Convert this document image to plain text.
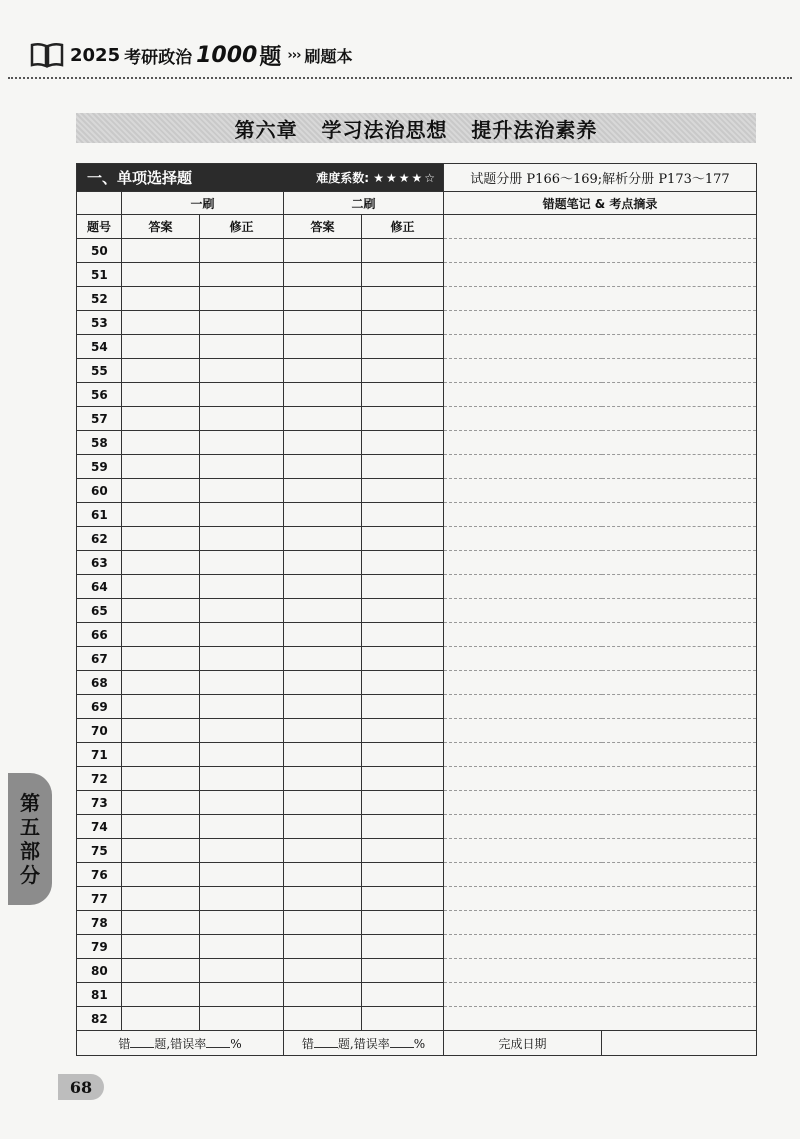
2025 考研政治 1000 题 ››› 刷题本
第六章   学习法治思想   提升法治素养
一、单项选择题			难度系数: ★★★★☆		试题分册 P166～169;解析分册 P173～177	
	一刷		二刷		错题笔记 & 考点摘录	
题号	答案	修正	答案	修正		
50						
51						
52						
53						
54						
55						
56						
57						
58						
59						
60						
61						
62						
63						
64						
65						
66						
67						
68						
69						
70						
71						
72						
73						
74						
75						
76						
77						
78						
79						
80						
81						
82						
错 题,错误率 %			错 题,错误率 %		完成日期	
第
五
部
分
68
